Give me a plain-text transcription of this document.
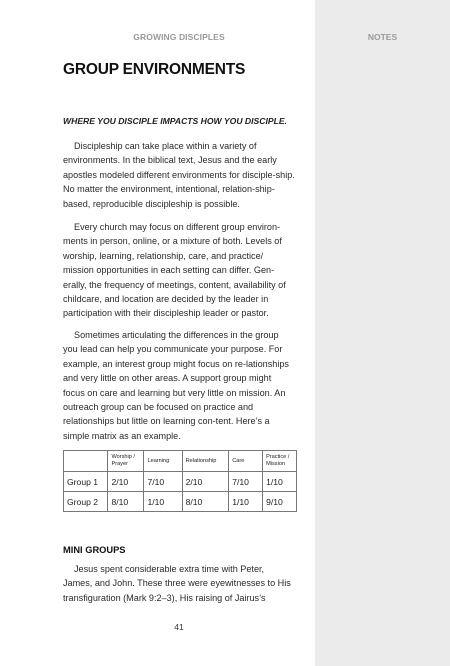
GROWING DISCIPLES
GROUP ENVIRONMENTS
WHERE YOU DISCIPLE IMPACTS HOW YOU DISCIPLE.

Discipleship can take place within a variety of environments. In the biblical text, Jesus and the early apostles modeled different environments for disciple-ship. No matter the environment, intentional, relation-ship-based, reproducible discipleship is possible.

Every church may focus on different group environ-ments in person, online, or a mixture of both. Levels of worship, learning, relationship, care, and practice/ mission opportunities in each setting can differ. Gen-erally, the frequency of meetings, content, availability of childcare, and location are decided by the leader in participation with their discipleship leader or pastor.

Sometimes articulating the differences in the group you lead can help you communicate your purpose. For example, an interest group might focus on re-lationships and very little on other areas. A support group might focus on care and learning but very little on mission. An outreach group can be focused on practice and relationships but little on learning con-tent. Here’s a simple matrix as an example.

	Worship / Prayer	Learning	Relationship	Care	Practice / Mission
Group 1	2/10	7/10	2/10	7/10	1/10
Group 2	8/10	1/10	8/10	1/10	9/10
MINI GROUPS

Jesus spent considerable extra time with Peter, James, and John. These three were eyewitnesses to His transfiguration (Mark 9:2–3), His raising of Jairus’s

41
NOTES
